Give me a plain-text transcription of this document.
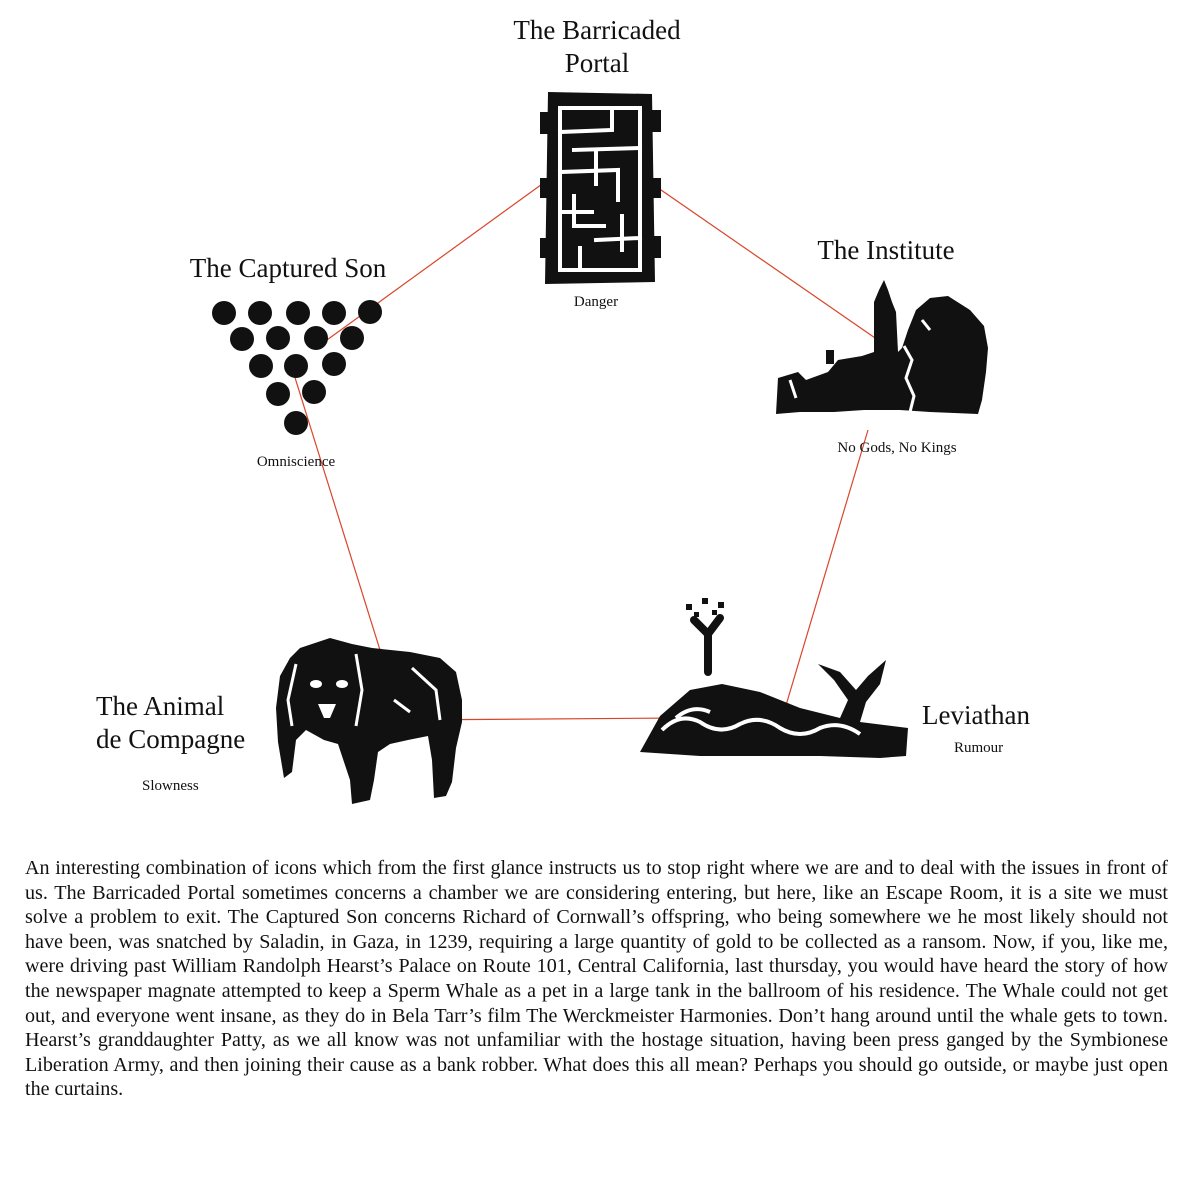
The Barricaded
Portal
Danger
The Institute
No Gods, No Kings
The Captured Son
Omniscience
The Animal
de Compagne
Slowness
Leviathan
Rumour

An interesting combination of icons which from the first glance instructs us to stop right where we are and to deal with the issues in front of us. The Barricaded Portal sometimes concerns a chamber we are considering entering, but here, like an Escape Room, it is a site we must solve a problem to exit. The Captured Son concerns Richard of Cornwall’s offspring, who being somewhere we he most likely should not have been, was snatched by Saladin, in Gaza, in 1239, requiring a large quantity of gold to be collected as a ransom. Now, if you, like me, were driving past William Randolph Hearst’s Palace on Route 101, Central California, last thursday, you would have heard the story of how the newspaper magnate attempted to keep a Sperm Whale as a pet in a large tank in the ballroom of his residence. The Whale could not get out, and everyone went insane, as they do in Bela Tarr’s film The Werckmeister Harmonies. Don’t hang around until the whale gets to town. Hearst’s granddaughter Patty, as we all know was not unfamiliar with the hostage situation, having been press ganged by the Symbionese Liberation Army, and then joining their cause as a bank robber. What does this all mean? Perhaps you should go outside, or maybe just open the curtains.
